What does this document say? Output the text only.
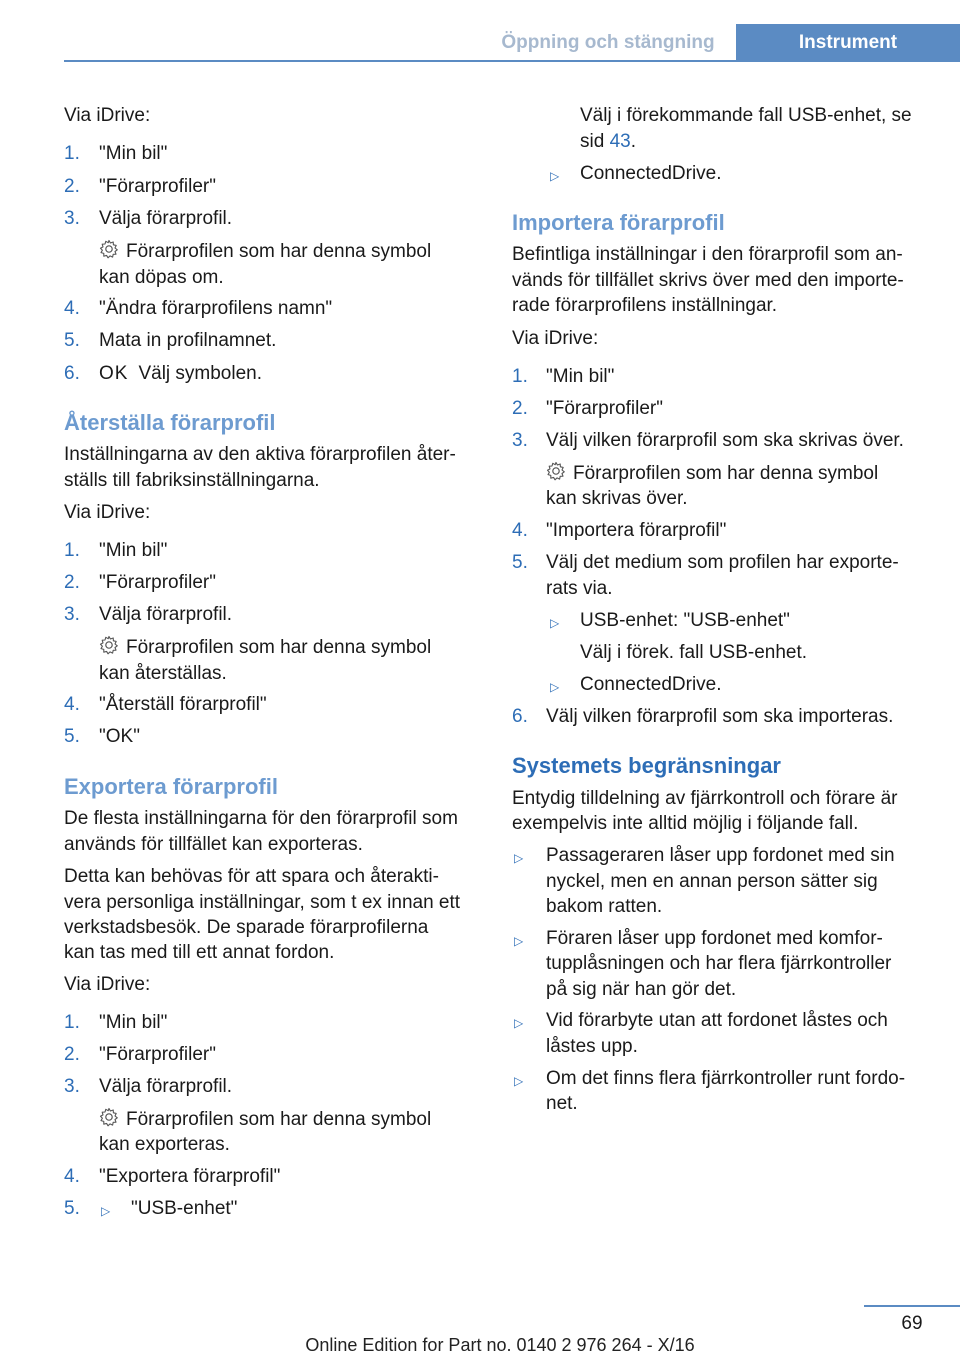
Öppning och stängning	Instrument
Via iDrive:
1. "Min bil"
2. "Förarprofiler"
3. Välja förarprofil.
Förarprofilen som har denna symbol
kan döpas om.
4. "Ändra förarprofilens namn"
5. Mata in profilnamnet.
6. OK Välj symbolen.
Återställa förarprofil
Inställningarna av den aktiva förarprofilen åter-
ställs till fabriksinställningarna.
Via iDrive:
1. "Min bil"
2. "Förarprofiler"
3. Välja förarprofil.
Förarprofilen som har denna symbol
kan återställas.
4. "Återställ förarprofil"
5. "OK"
Exportera förarprofil
De flesta inställningarna för den förarprofil som
används för tillfället kan exporteras.
Detta kan behövas för att spara och återakti-
vera personliga inställningar, som t ex innan ett
verkstadsbesök. De sparade förarprofilerna
kan tas med till ett annat fordon.
Via iDrive:
1. "Min bil"
2. "Förarprofiler"
3. Välja förarprofil.
Förarprofilen som har denna symbol
kan exporteras.
4. "Exportera förarprofil"
5. ▷ "USB-enhet"
Välj i förekommande fall USB-enhet, se
sid 43.
▷ ConnectedDrive.
Importera förarprofil
Befintliga inställningar i den förarprofil som an-
vänds för tillfället skrivs över med den importe-
rade förarprofilens inställningar.
Via iDrive:
1. "Min bil"
2. "Förarprofiler"
3. Välj vilken förarprofil som ska skrivas över.
Förarprofilen som har denna symbol
kan skrivas över.
4. "Importera förarprofil"
5. Välj det medium som profilen har exporte-
rats via.
▷ USB-enhet: "USB-enhet"
Välj i förek. fall USB-enhet.
▷ ConnectedDrive.
6. Välj vilken förarprofil som ska importeras.
Systemets begränsningar
Entydig tilldelning av fjärrkontroll och förare är
exempelvis inte alltid möjlig i följande fall.
▷ Passageraren låser upp fordonet med sin
nyckel, men en annan person sätter sig
bakom ratten.
▷ Föraren låser upp fordonet med komfor-
tupplåsningen och har flera fjärrkontroller
på sig när han gör det.
▷ Vid förarbyte utan att fordonet låstes och
låstes upp.
▷ Om det finns flera fjärrkontroller runt fordo-
net.
69
Online Edition for Part no. 0140 2 976 264 - X/16
